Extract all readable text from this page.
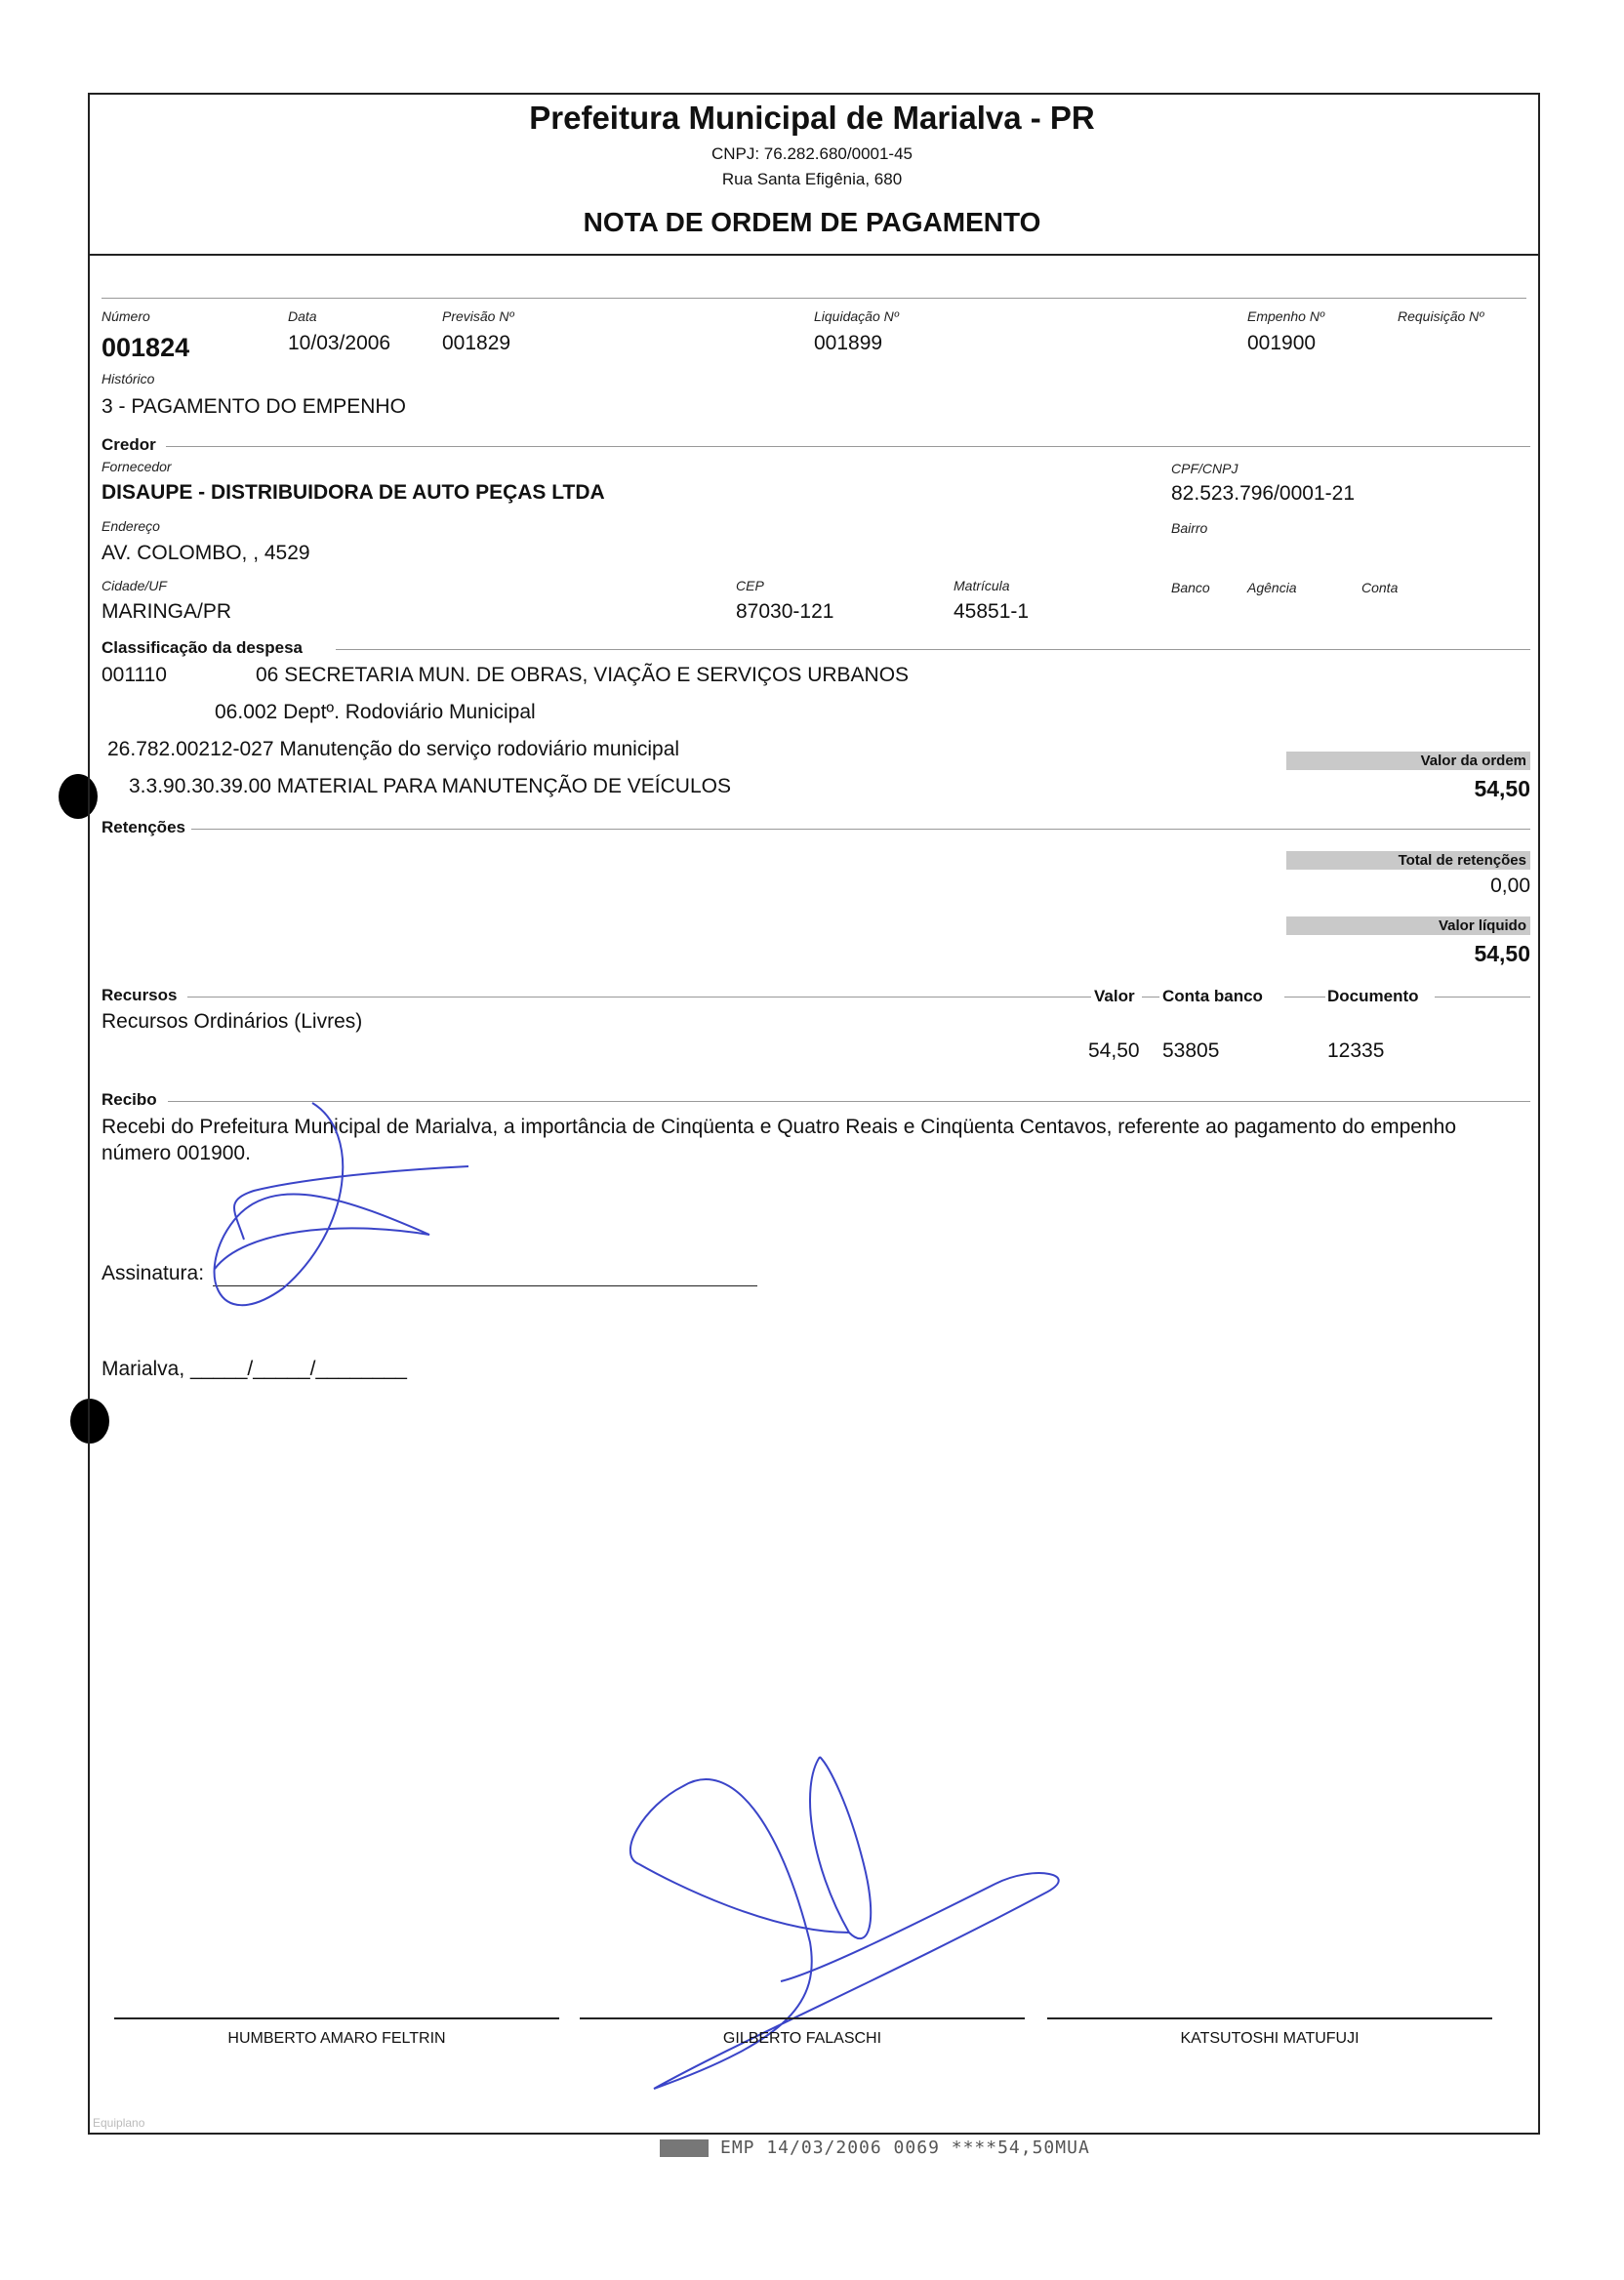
Prefeitura Municipal de Marialva - PR
CNPJ: 76.282.680/0001-45
Rua Santa Efigênia, 680
NOTA DE ORDEM DE PAGAMENTO
Número
001824
Data
10/03/2006
Previsão Nº
001829
Liquidação Nº
001899
Empenho Nº
001900
Requisição Nº
Histórico
3 - PAGAMENTO DO EMPENHO
Credor
Fornecedor
DISAUPE - DISTRIBUIDORA DE AUTO PEÇAS LTDA
CPF/CNPJ
82.523.796/0001-21
Endereço
AV. COLOMBO, , 4529
Bairro
Cidade/UF
MARINGA/PR
CEP
87030-121
Matrícula
45851-1
Banco	Agência	Conta
Classificação da despesa
001110	06 SECRETARIA MUN. DE OBRAS, VIAÇÃO E SERVIÇOS URBANOS
06.002 Deptº. Rodoviário Municipal
26.782.00212-027 Manutenção do serviço rodoviário municipal
3.3.90.30.39.00 MATERIAL PARA MANUTENÇÃO DE VEÍCULOS
Valor da ordem
54,50
Retenções
Total de retenções
0,00
Valor líquido
54,50
Recursos	Valor Conta banco	Documento
Recursos Ordinários (Livres)
54,50 53805	12335
Recibo
Recebi do Prefeitura Municipal de Marialva, a importância de Cinqüenta e Quatro Reais e Cinqüenta Centavos, referente ao pagamento do empenho número 001900.
Assinatura:
Marialva, _____/_____/________
HUMBERTO AMARO FELTRIN	GILBERTO FALASCHI	KATSUTOSHI MATUFUJI
Equiplano
EMP 14/03/2006 0069 ****54,50MUA
